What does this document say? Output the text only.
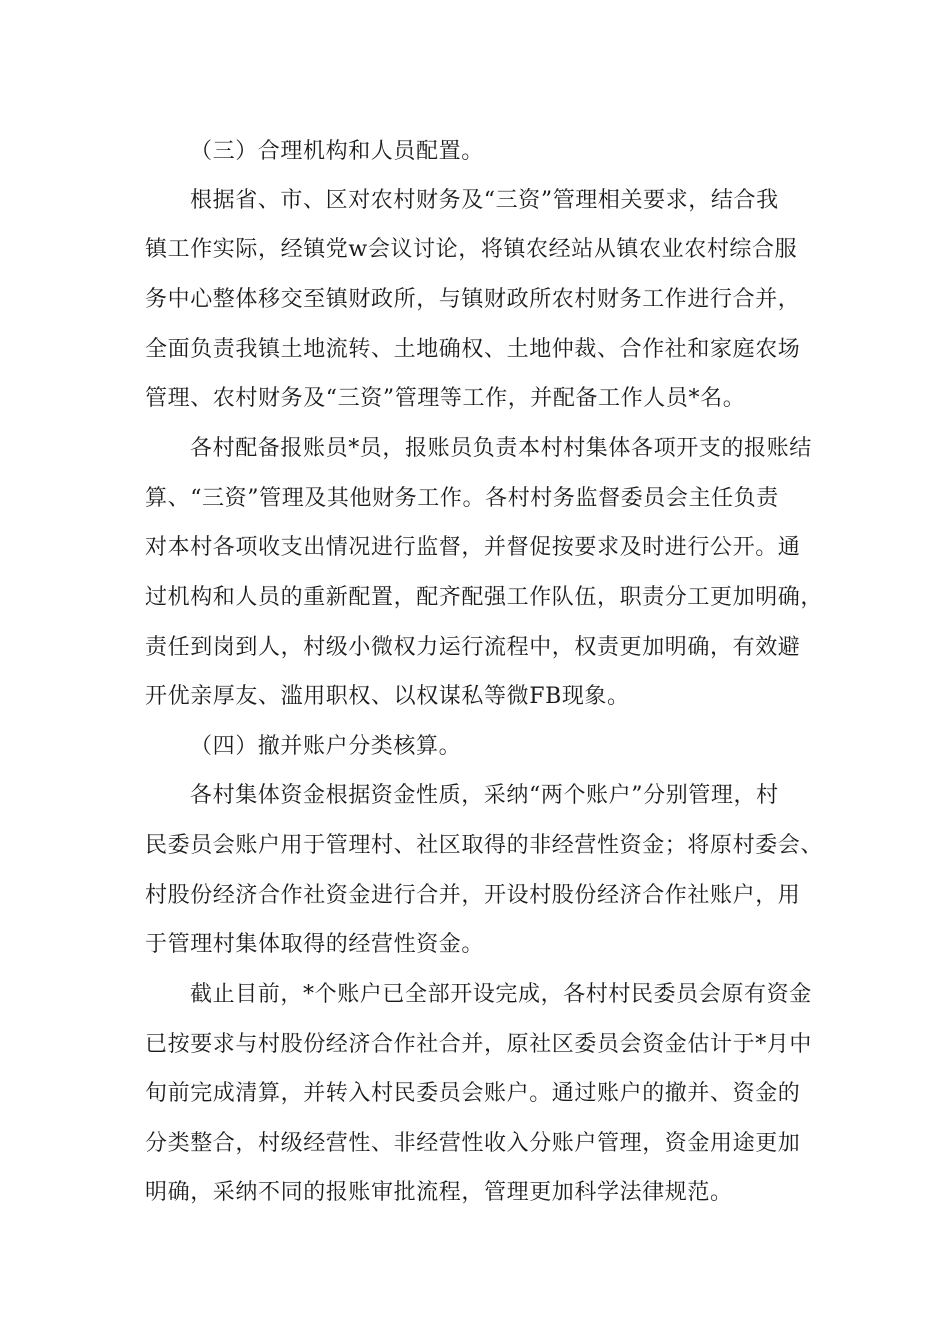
（三）合理机构和人员配置。

根据省、市、区对农村财务及“三资”管理相关要求，结合我

镇工作实际，经镇党w会议讨论，将镇农经站从镇农业农村综合服

务中心整体移交至镇财政所，与镇财政所农村财务工作进行合并，

全面负责我镇土地流转、土地确权、土地仲裁、合作社和家庭农场

管理、农村财务及“三资”管理等工作，并配备工作人员*名。

各村配备报账员*员，报账员负责本村村集体各项开支的报账结

算、“三资”管理及其他财务工作。各村村务监督委员会主任负责

对本村各项收支出情况进行监督，并督促按要求及时进行公开。通

过机构和人员的重新配置，配齐配强工作队伍，职责分工更加明确，

责任到岗到人，村级小微权力运行流程中，权责更加明确，有效避

开优亲厚友、滥用职权、以权谋私等微FB现象。

（四）撤并账户分类核算。

各村集体资金根据资金性质，采纳“两个账户”分别管理，村

民委员会账户用于管理村、社区取得的非经营性资金；将原村委会、

村股份经济合作社资金进行合并，开设村股份经济合作社账户，用

于管理村集体取得的经营性资金。

截止目前，*个账户已全部开设完成，各村村民委员会原有资金

已按要求与村股份经济合作社合并，原社区委员会资金估计于*月中

旬前完成清算，并转入村民委员会账户。通过账户的撤并、资金的

分类整合，村级经营性、非经营性收入分账户管理，资金用途更加

明确，采纳不同的报账审批流程，管理更加科学法律规范。
